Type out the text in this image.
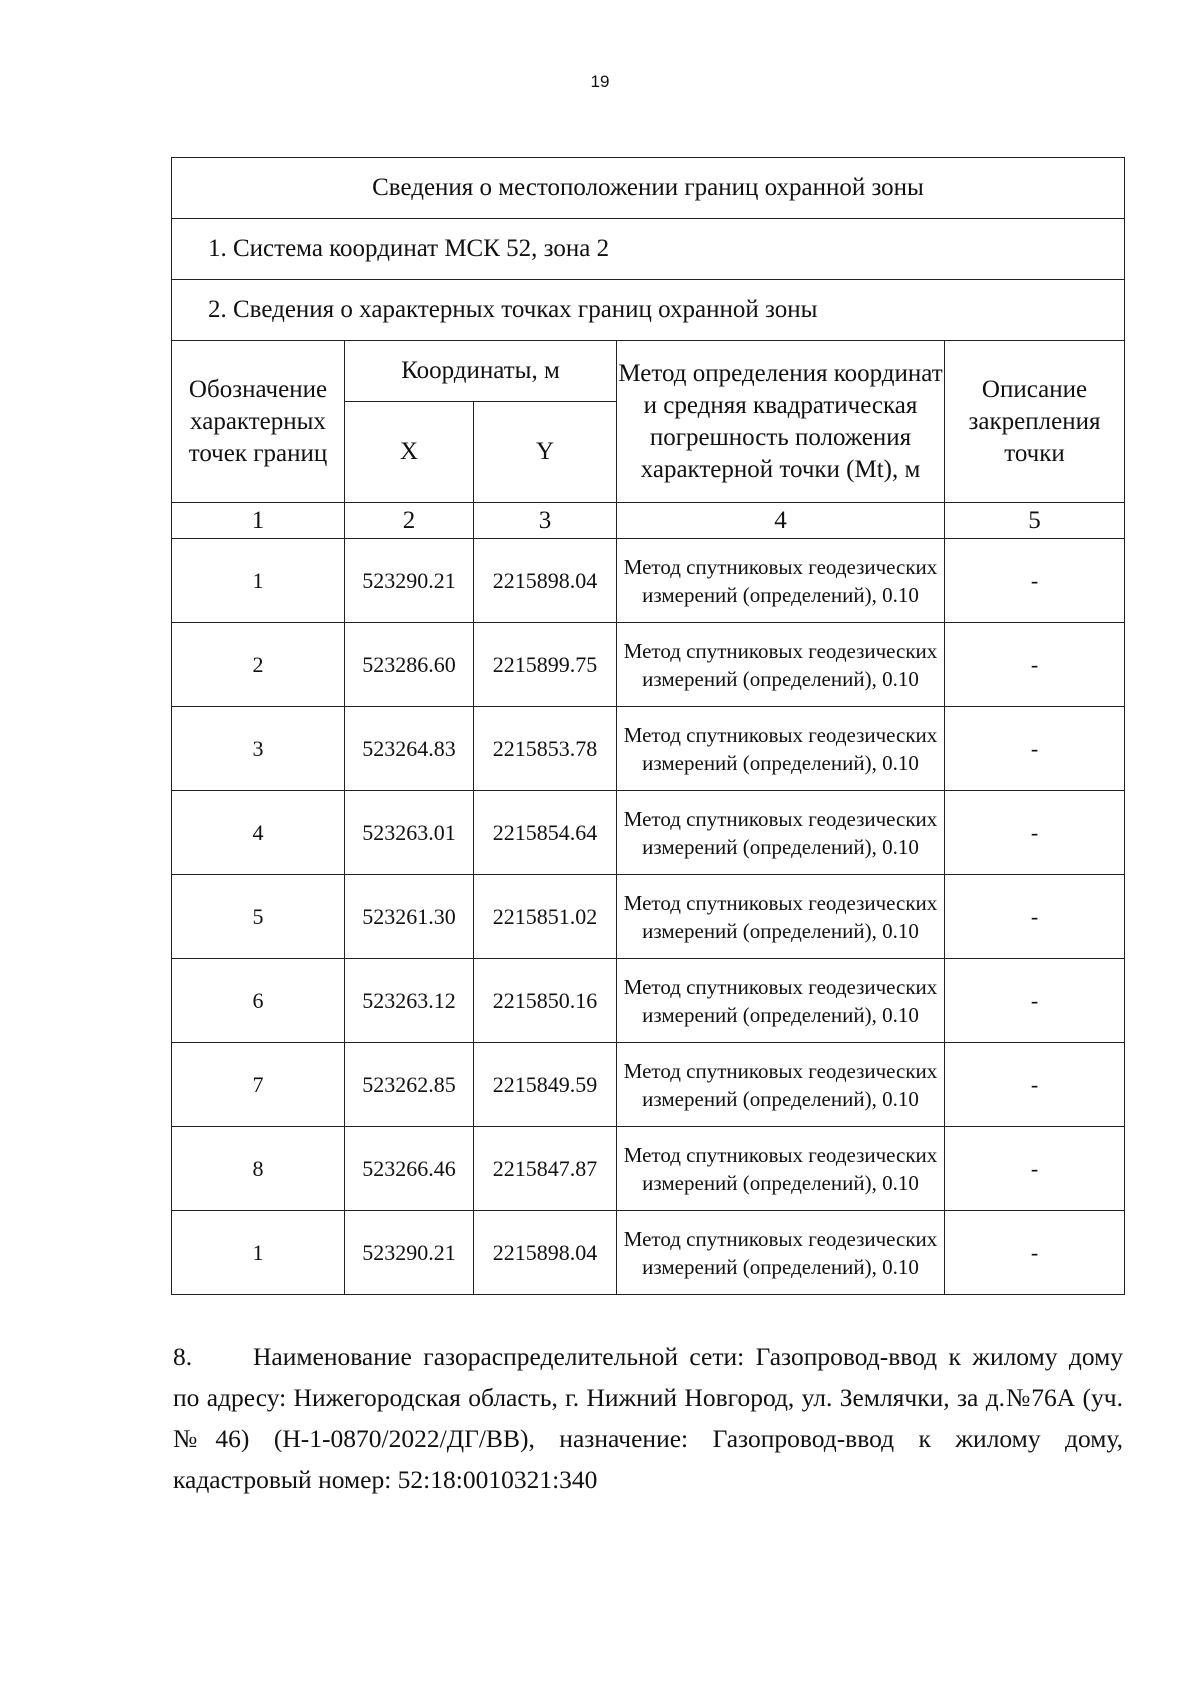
19
Сведения о местоположении границ охранной зоны				
1. Система координат МСК 52, зона 2				
2. Сведения о характерных точках границ охранной зоны				
Обозначение характерных точек границ	Координаты, м		Метод определения координат и средняя квадратическая погрешность положения характерной точки (Mt), м	Описание закрепления точки
	X	Y		
1	2	3	4	5
1	523290.21	2215898.04	Метод спутниковых геодезических измерений (определений), 0.10	-
2	523286.60	2215899.75	Метод спутниковых геодезических измерений (определений), 0.10	-
3	523264.83	2215853.78	Метод спутниковых геодезических измерений (определений), 0.10	-
4	523263.01	2215854.64	Метод спутниковых геодезических измерений (определений), 0.10	-
5	523261.30	2215851.02	Метод спутниковых геодезических измерений (определений), 0.10	-
6	523263.12	2215850.16	Метод спутниковых геодезических измерений (определений), 0.10	-
7	523262.85	2215849.59	Метод спутниковых геодезических измерений (определений), 0.10	-
8	523266.46	2215847.87	Метод спутниковых геодезических измерений (определений), 0.10	-
1	523290.21	2215898.04	Метод спутниковых геодезических измерений (определений), 0.10	-

8. Наименование газораспределительной сети: Газопровод-ввод к жилому дому по адресу: Нижегородская область, г. Нижний Новгород, ул. Землячки, за д.№76А (уч.№46) (Н-1-0870/2022/ДГ/ВВ), назначение: Газопровод-ввод к жилому дому, кадастровый номер: 52:18:0010321:340
